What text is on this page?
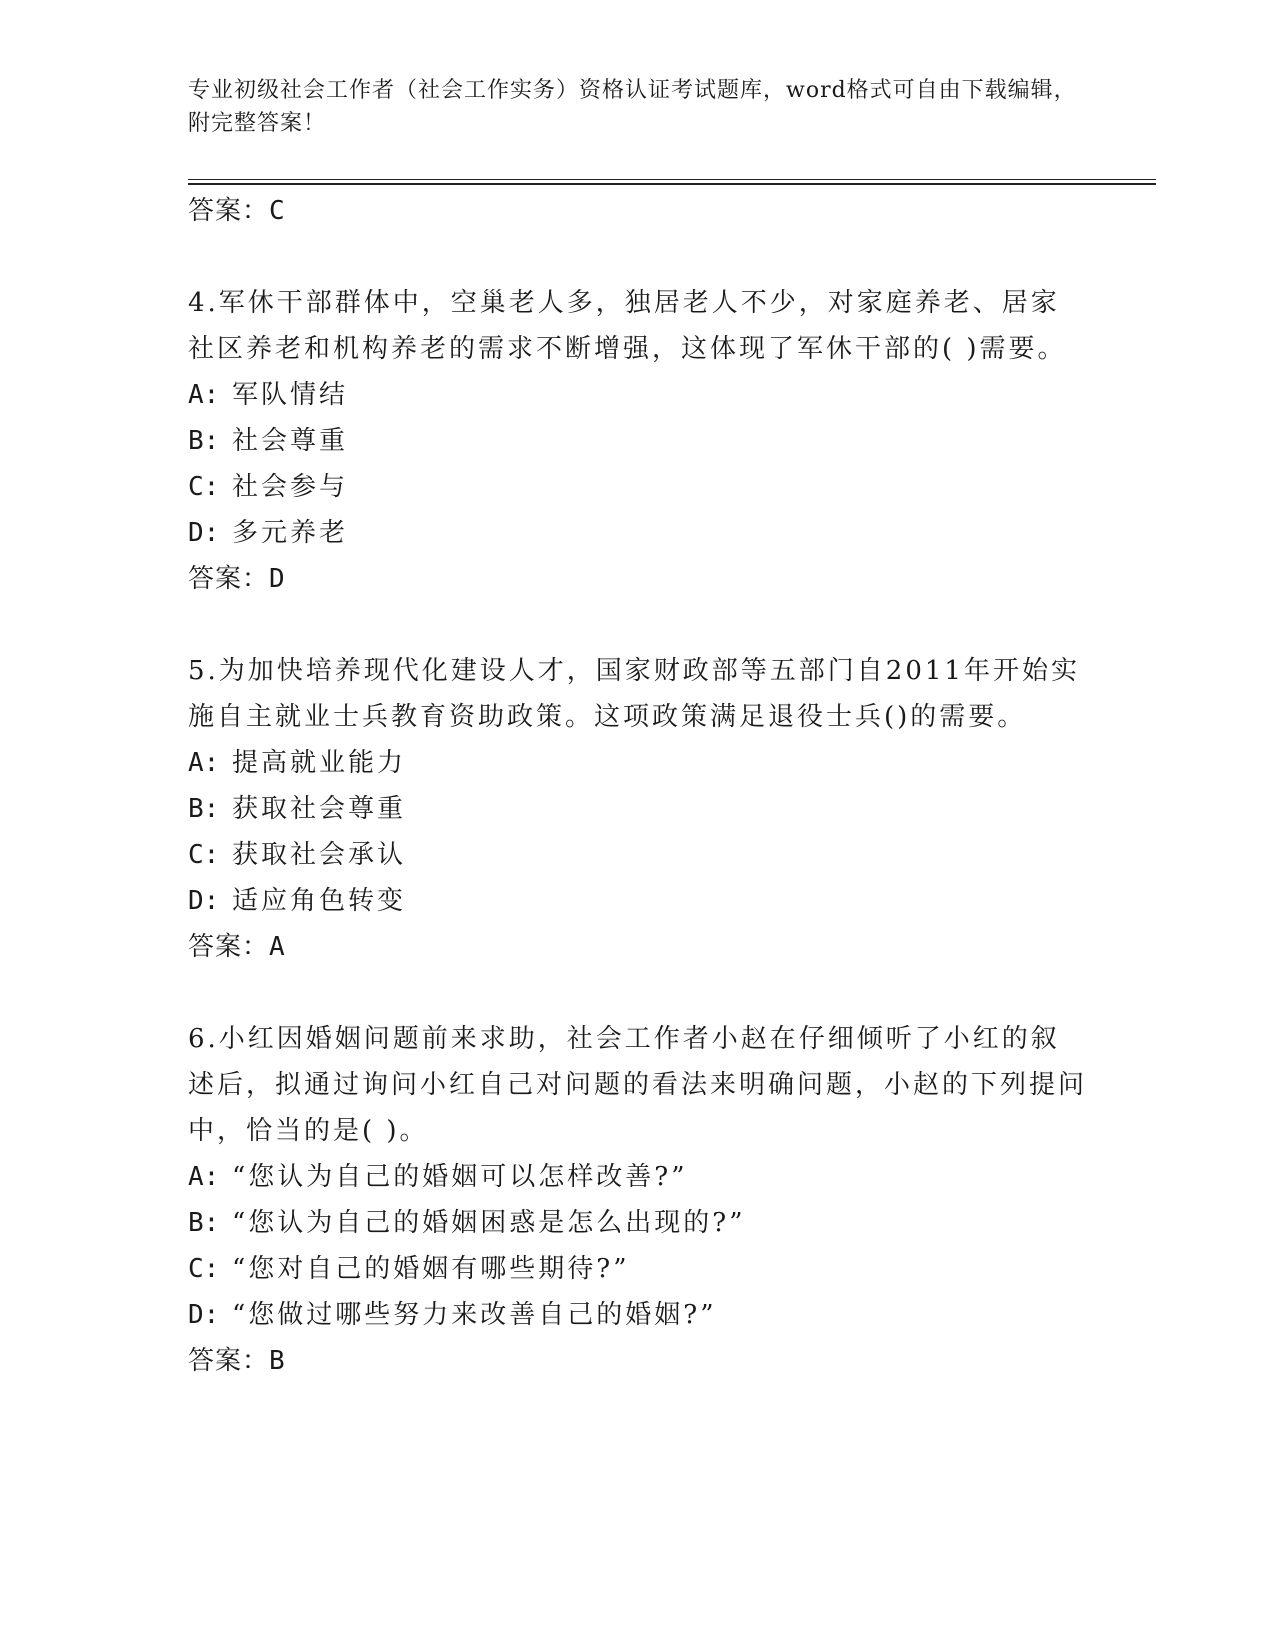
专业初级社会工作者（社会工作实务）资格认证考试题库，word格式可自由下载编辑，附完整答案！
答案：C
4.军休干部群体中，空巢老人多，独居老人不少，对家庭养老、居家社区养老和机构养老的需求不断增强，这体现了军休干部的( )需要。
A: 军队情结
B: 社会尊重
C: 社会参与
D: 多元养老
答案：D
5.为加快培养现代化建设人才，国家财政部等五部门自2011年开始实施自主就业士兵教育资助政策。这项政策满足退役士兵()的需要。
A: 提高就业能力
B: 获取社会尊重
C: 获取社会承认
D: 适应角色转变
答案：A
6.小红因婚姻问题前来求助，社会工作者小赵在仔细倾听了小红的叙述后，拟通过询问小红自己对问题的看法来明确问题，小赵的下列提问中，恰当的是( )。
A: “您认为自己的婚姻可以怎样改善?”
B: “您认为自己的婚姻困惑是怎么出现的?”
C: “您对自己的婚姻有哪些期待?”
D: “您做过哪些努力来改善自己的婚姻?”
答案：B
